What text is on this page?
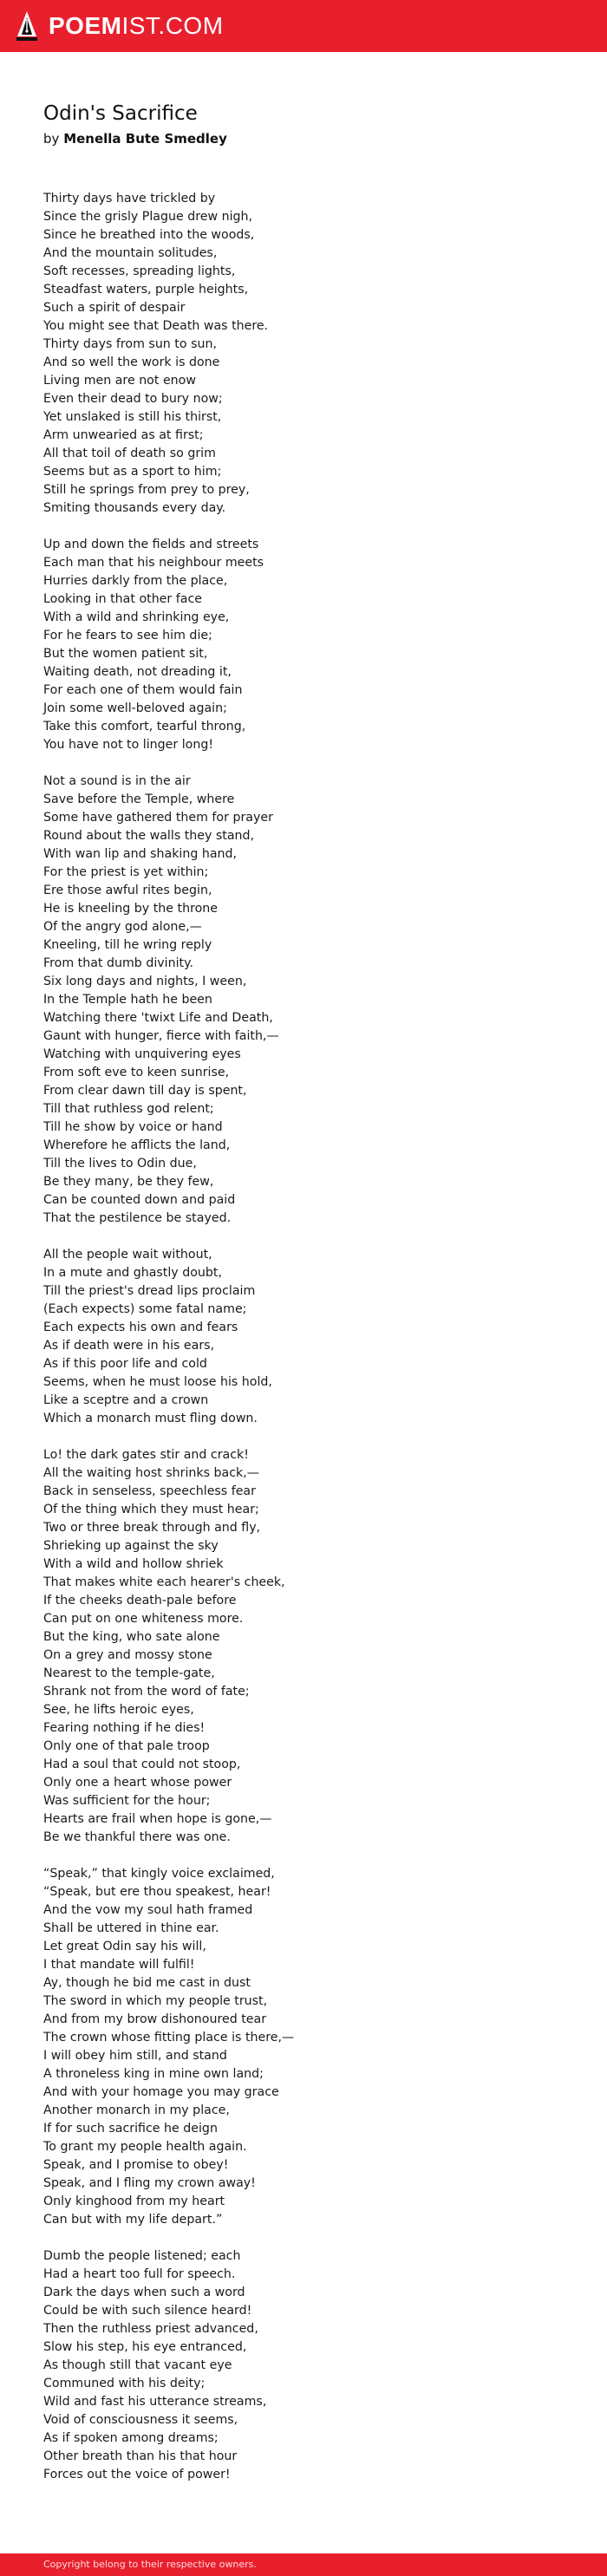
POEMIST.COM
Odin's Sacrifice

by Menella Bute Smedley

Thirty days have trickled by
Since the grisly Plague drew nigh,
Since he breathed into the woods,
And the mountain solitudes,
Soft recesses, spreading lights,
Steadfast waters, purple heights,
Such a spirit of despair
You might see that Death was there.
Thirty days from sun to sun,
And so well the work is done
Living men are not enow
Even their dead to bury now;
Yet unslaked is still his thirst,
Arm unwearied as at first;
All that toil of death so grim
Seems but as a sport to him;
Still he springs from prey to prey,
Smiting thousands every day.
Up and down the fields and streets
Each man that his neighbour meets
Hurries darkly from the place,
Looking in that other face
With a wild and shrinking eye,
For he fears to see him die;
But the women patient sit,
Waiting death, not dreading it,
For each one of them would fain
Join some well-beloved again;
Take this comfort, tearful throng,
You have not to linger long!
Not a sound is in the air
Save before the Temple, where
Some have gathered them for prayer
Round about the walls they stand,
With wan lip and shaking hand,
For the priest is yet within;
Ere those awful rites begin,
He is kneeling by the throne
Of the angry god alone,—
Kneeling, till he wring reply
From that dumb divinity.
Six long days and nights, I ween,
In the Temple hath he been
Watching there 'twixt Life and Death,
Gaunt with hunger, fierce with faith,—
Watching with unquivering eyes
From soft eve to keen sunrise,
From clear dawn till day is spent,
Till that ruthless god relent;
Till he show by voice or hand
Wherefore he afflicts the land,
Till the lives to Odin due,
Be they many, be they few,
Can be counted down and paid
That the pestilence be stayed.
All the people wait without,
In a mute and ghastly doubt,
Till the priest's dread lips proclaim
(Each expects) some fatal name;
Each expects his own and fears
As if death were in his ears,
As if this poor life and cold
Seems, when he must loose his hold,
Like a sceptre and a crown
Which a monarch must fling down.
Lo! the dark gates stir and crack!
All the waiting host shrinks back,—
Back in senseless, speechless fear
Of the thing which they must hear;
Two or three break through and fly,
Shrieking up against the sky
With a wild and hollow shriek
That makes white each hearer's cheek,
If the cheeks death-pale before
Can put on one whiteness more.
But the king, who sate alone
On a grey and mossy stone
Nearest to the temple-gate,
Shrank not from the word of fate;
See, he lifts heroic eyes,
Fearing nothing if he dies!
Only one of that pale troop
Had a soul that could not stoop,
Only one a heart whose power
Was sufficient for the hour;
Hearts are frail when hope is gone,—
Be we thankful there was one.
“Speak,” that kingly voice exclaimed,
“Speak, but ere thou speakest, hear!
And the vow my soul hath framed
Shall be uttered in thine ear.
Let great Odin say his will,
I that mandate will fulfil!
Ay, though he bid me cast in dust
The sword in which my people trust,
And from my brow dishonoured tear
The crown whose fitting place is there,—
I will obey him still, and stand
A throneless king in mine own land;
And with your homage you may grace
Another monarch in my place,
If for such sacrifice he deign
To grant my people health again.
Speak, and I promise to obey!
Speak, and I fling my crown away!
Only kinghood from my heart
Can but with my life depart.”
Dumb the people listened; each
Had a heart too full for speech.
Dark the days when such a word
Could be with such silence heard!
Then the ruthless priest advanced,
Slow his step, his eye entranced,
As though still that vacant eye
Communed with his deity;
Wild and fast his utterance streams,
Void of consciousness it seems,
As if spoken among dreams;
Other breath than his that hour
Forces out the voice of power!
Copyright belong to their respective owners.
